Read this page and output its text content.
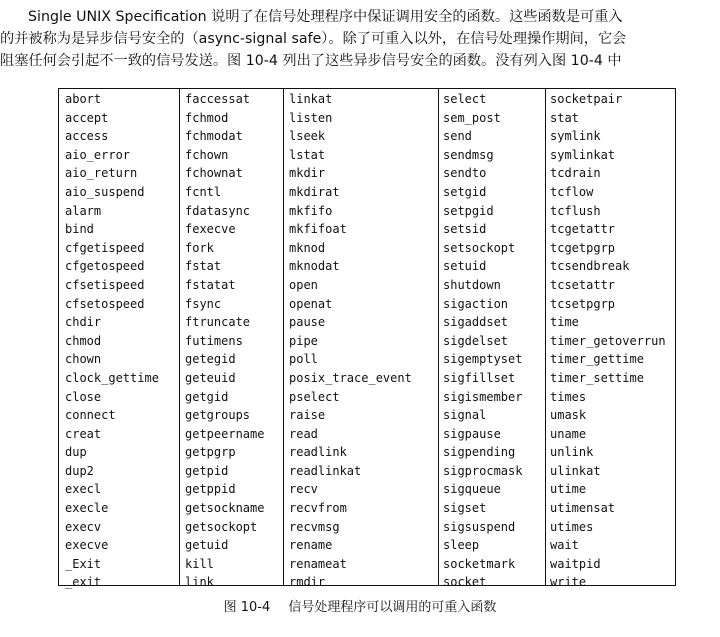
Single UNIX Specification 说明了在信号处理程序中保证调用安全的函数。这些函数是可重入

的并被称为是异步信号安全的（async-signal safe）。除了可重入以外，在信号处理操作期间，它会

阻塞任何会引起不一致的信号发送。图 10-4 列出了这些异步信号安全的函数。没有列入图 10-4 中

abort
accept
access
aio_error
aio_return
aio_suspend
alarm
bind
cfgetispeed
cfgetospeed
cfsetispeed
cfsetospeed
chdir
chmod
chown
clock_gettime
close
connect
creat
dup
dup2
execl
execle
execv
execve
_Exit
_exit
faccessat
fchmod
fchmodat
fchown
fchownat
fcntl
fdatasync
fexecve
fork
fstat
fstatat
fsync
ftruncate
futimens
getegid
geteuid
getgid
getgroups
getpeername
getpgrp
getpid
getppid
getsockname
getsockopt
getuid
kill
link
linkat
listen
lseek
lstat
mkdir
mkdirat
mkfifo
mkfifoat
mknod
mknodat
open
openat
pause
pipe
poll
posix_trace_event
pselect
raise
read
readlink
readlinkat
recv
recvfrom
recvmsg
rename
renameat
rmdir
select
sem_post
send
sendmsg
sendto
setgid
setpgid
setsid
setsockopt
setuid
shutdown
sigaction
sigaddset
sigdelset
sigemptyset
sigfillset
sigismember
signal
sigpause
sigpending
sigprocmask
sigqueue
sigset
sigsuspend
sleep
socketmark
socket
socketpair
stat
symlink
symlinkat
tcdrain
tcflow
tcflush
tcgetattr
tcgetpgrp
tcsendbreak
tcsetattr
tcsetpgrp
time
timer_getoverrun
timer_gettime
timer_settime
times
umask
uname
unlink
ulinkat
utime
utimensat
utimes
wait
waitpid
write
图 10-4 信号处理程序可以调用的可重入函数
